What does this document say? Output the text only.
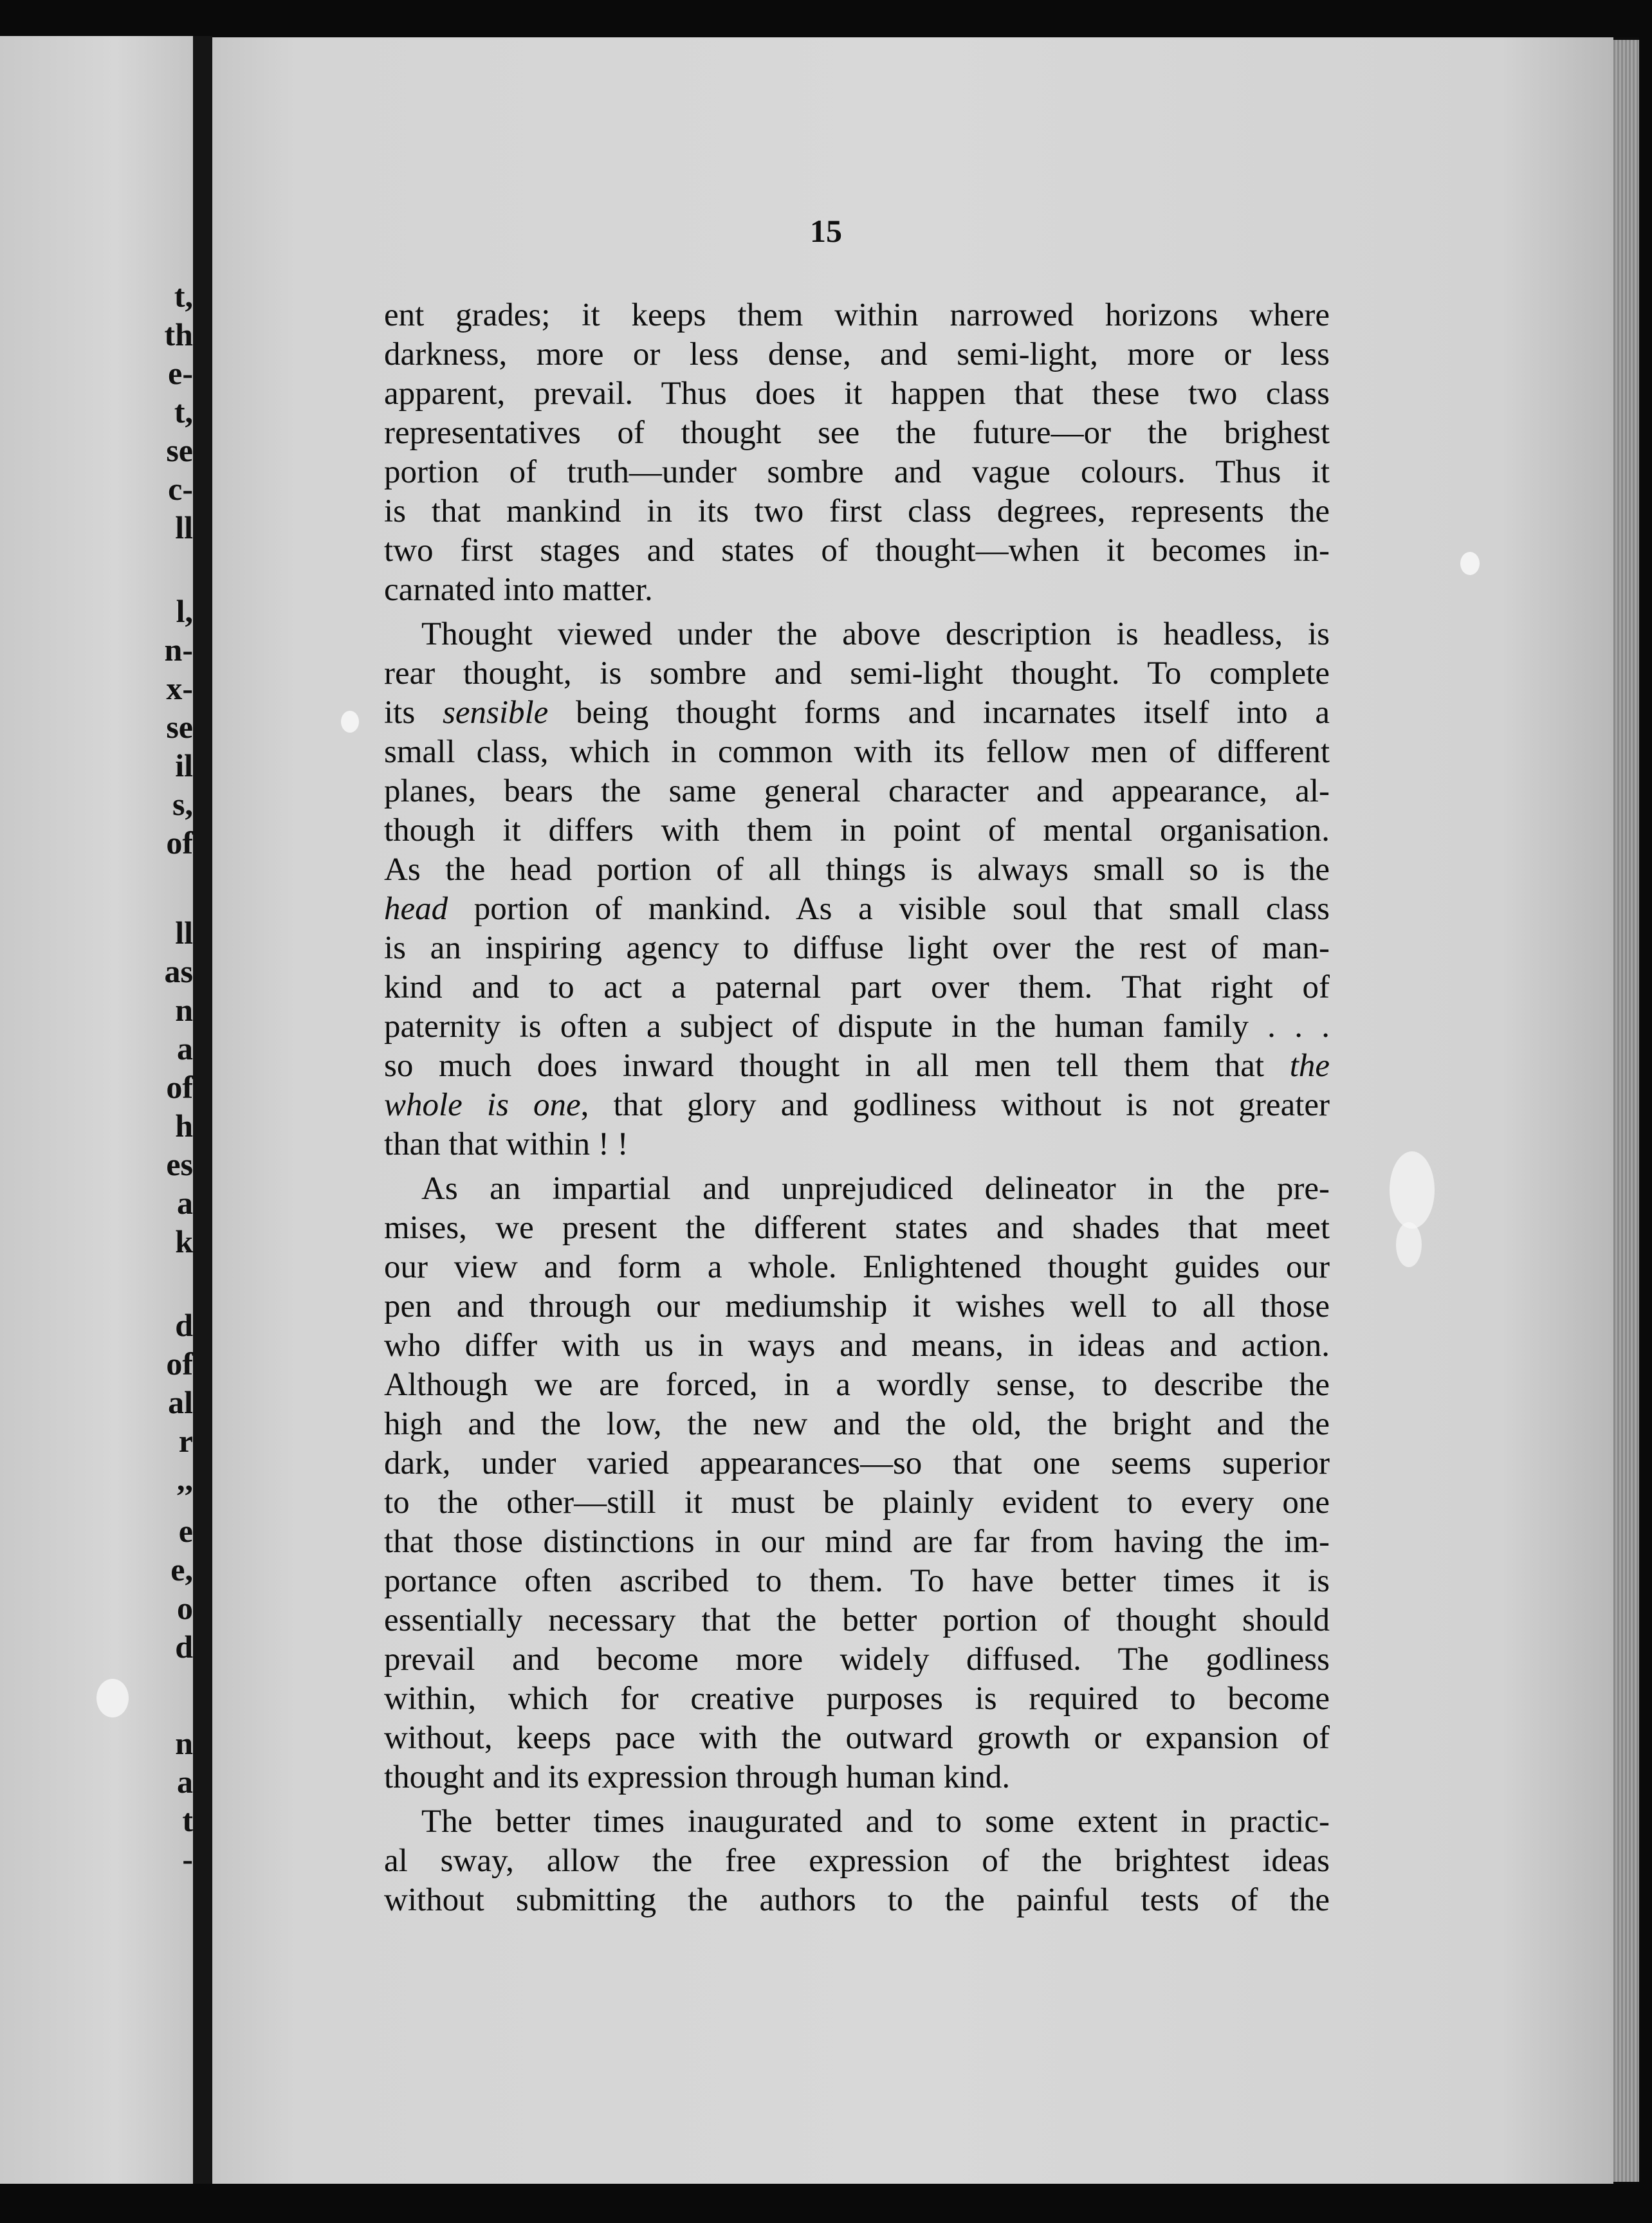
t,
th
e-
t,
se
c-
ll
l,
n-
x-
se
il
s,
of
ll
as
n
a
of
h
es
a
k
d
of
al
r
,,
e
e,
o
d
n
a
t
-
15
ent grades; it keeps them within narrowed horizons where
darkness, more or less dense, and semi-light, more or less
apparent, prevail. Thus does it happen that these two class
representatives of thought see the future—or the brighest
portion of truth—under sombre and vague colours. Thus it
is that mankind in its two first class degrees, represents the
two first stages and states of thought—when it becomes in-
carnated into matter.
Thought viewed under the above description is headless, is
rear thought, is sombre and semi-light thought. To complete
its sensible being thought forms and incarnates itself into a
small class, which in common with its fellow men of different
planes, bears the same general character and appearance, al-
though it differs with them in point of mental organisation.
As the head portion of all things is always small so is the
head portion of mankind. As a visible soul that small class
is an inspiring agency to diffuse light over the rest of man-
kind and to act a paternal part over them. That right of
paternity is often a subject of dispute in the human family . . .
so much does inward thought in all men tell them that the
whole is one, that glory and godliness without is not greater
than that within ! !
As an impartial and unprejudiced delineator in the pre-
mises, we present the different states and shades that meet
our view and form a whole. Enlightened thought guides our
pen and through our mediumship it wishes well to all those
who differ with us in ways and means, in ideas and action.
Although we are forced, in a wordly sense, to describe the
high and the low, the new and the old, the bright and the
dark, under varied appearances—so that one seems superior
to the other—still it must be plainly evident to every one
that those distinctions in our mind are far from having the im-
portance often ascribed to them. To have better times it is
essentially necessary that the better portion of thought should
prevail and become more widely diffused. The godliness
within, which for creative purposes is required to become
without, keeps pace with the outward growth or expansion of
thought and its expression through human kind.
The better times inaugurated and to some extent in practic-
al sway, allow the free expression of the brightest ideas
without submitting the authors to the painful tests of the
